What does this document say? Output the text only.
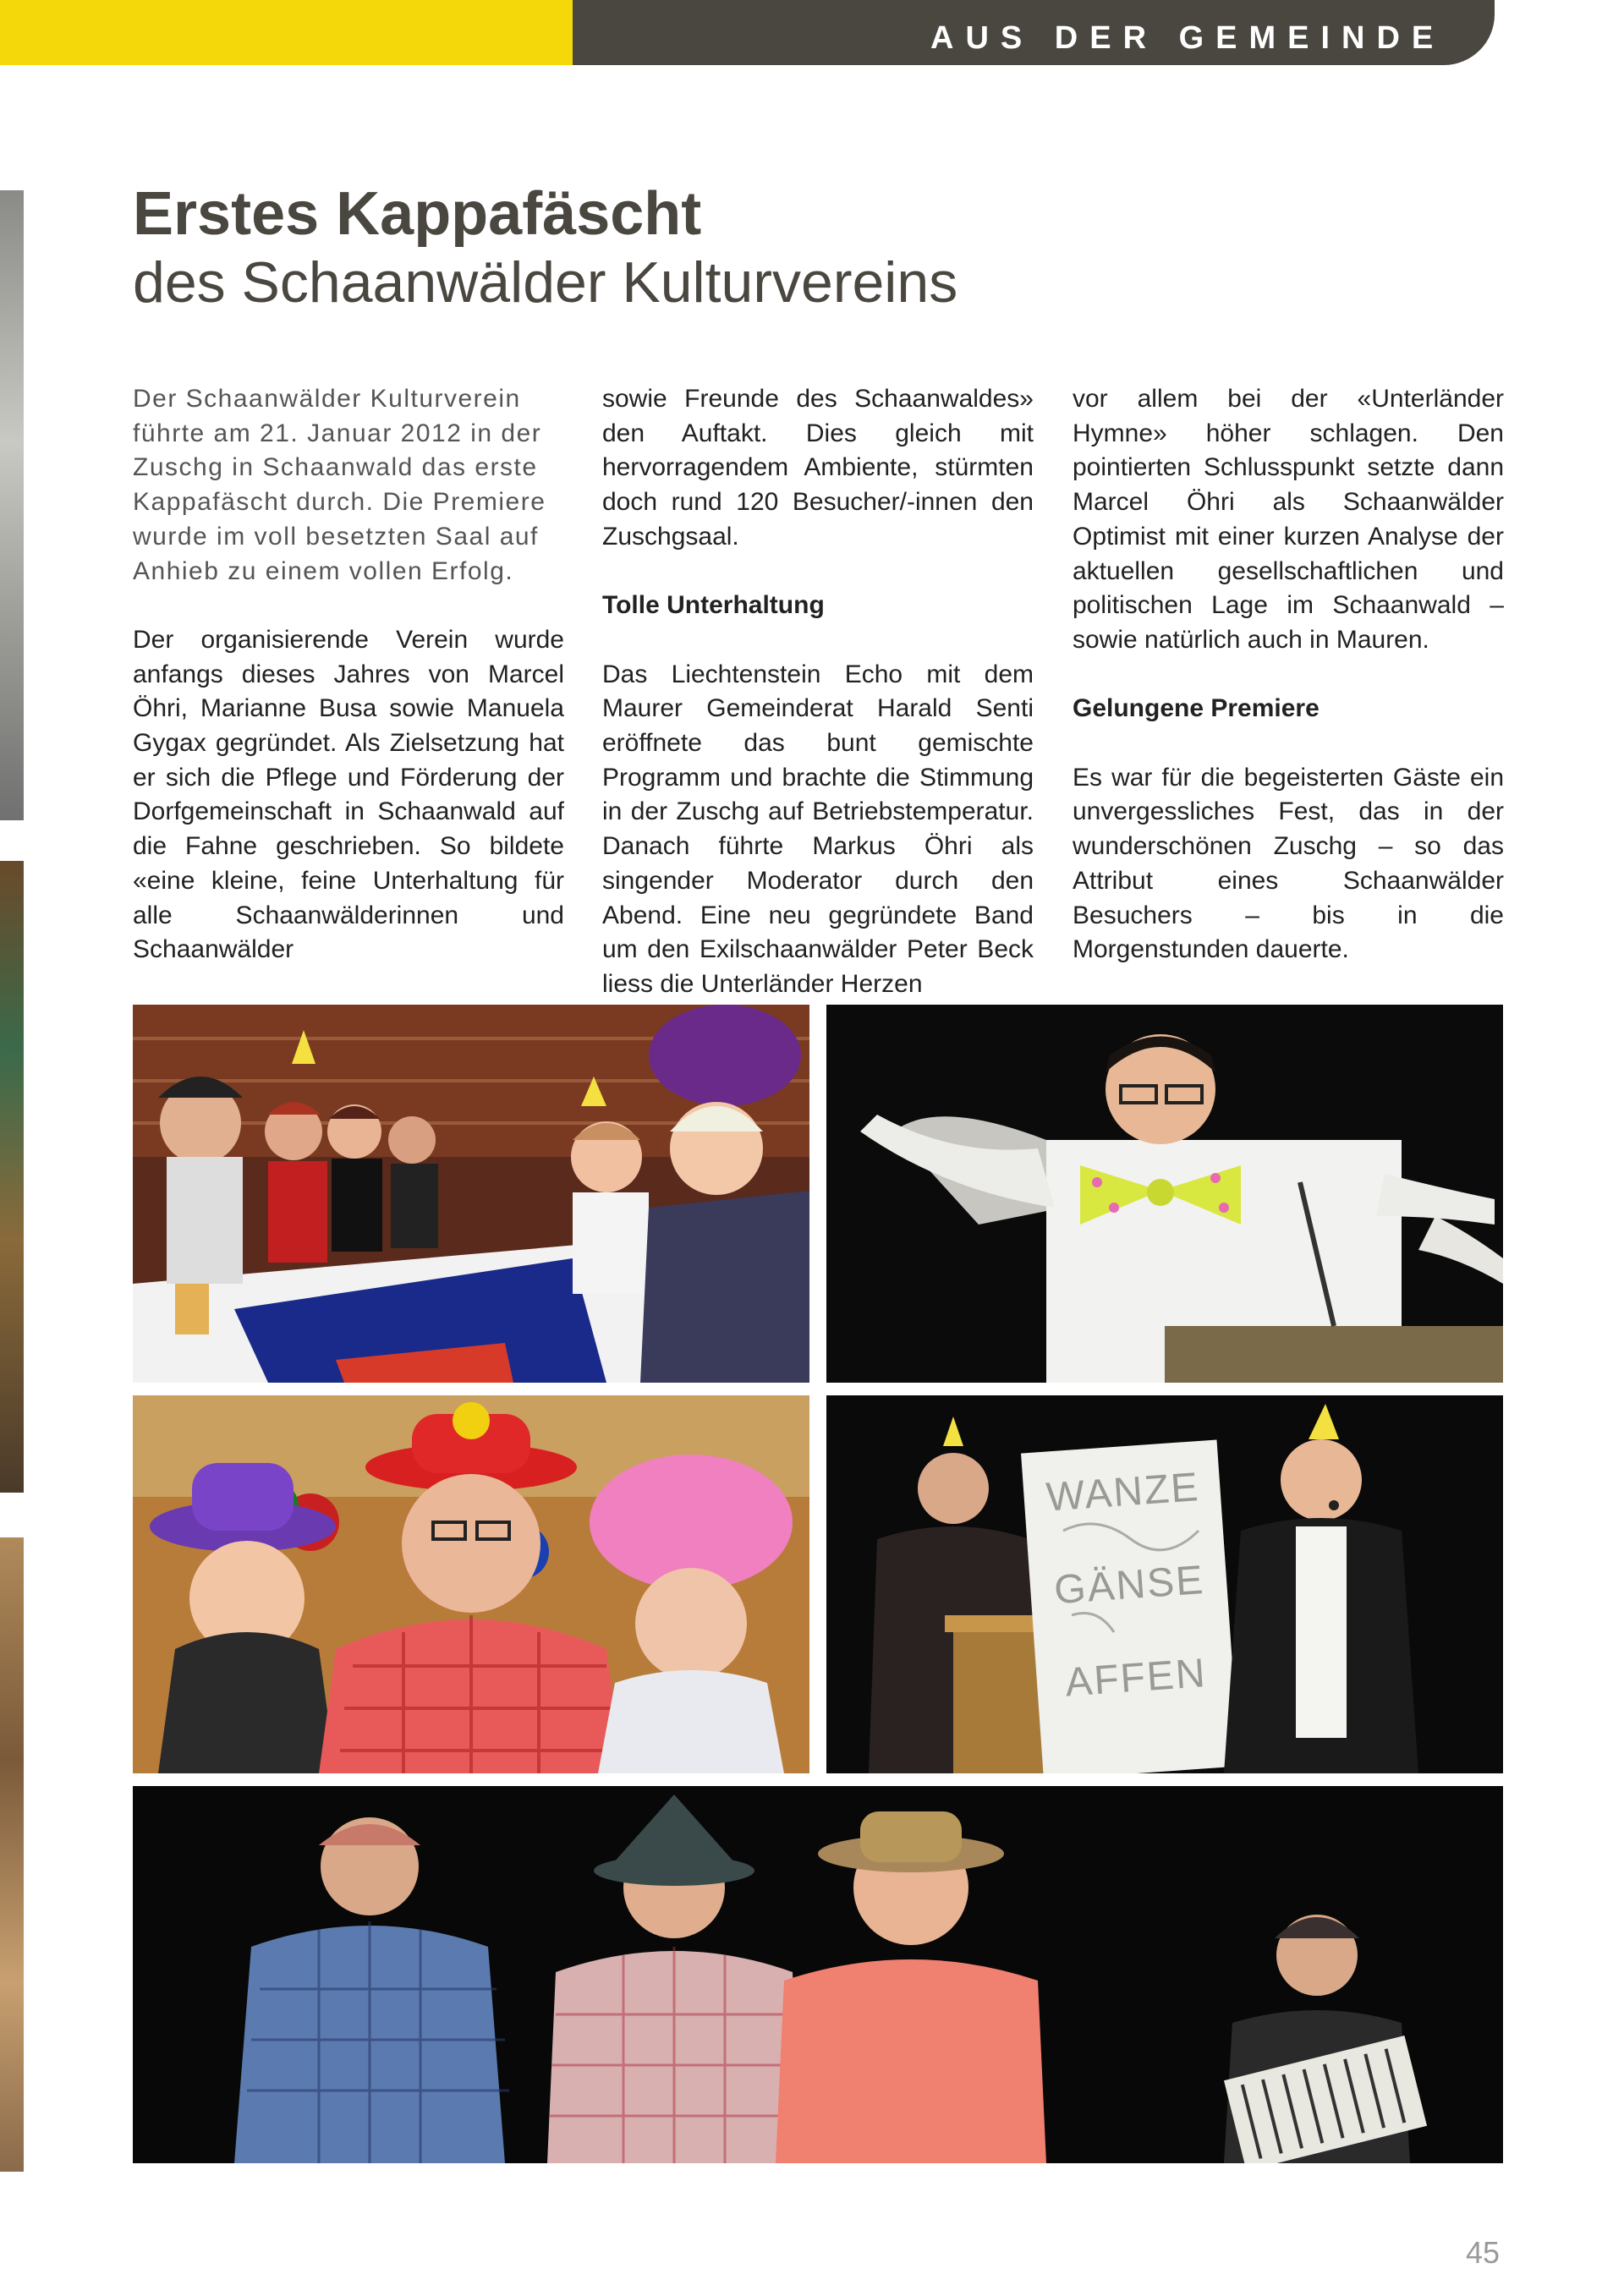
AUS DER GEMEINDE
Erstes Kappafäscht
des Schaanwälder Kulturvereins

Der Schaanwälder Kulturverein führte am 21. Januar 2012 in der Zuschg in Schaanwald das erste Kappafäscht durch. Die Premiere wurde im voll besetzten Saal auf Anhieb zu einem vollen Erfolg.

Der organisierende Verein wurde anfangs dieses Jahres von Marcel Öhri, Marianne Busa sowie Manuela Gygax gegründet. Als Zielsetzung hat er sich die Pflege und Förderung der Dorfgemeinschaft in Schaanwald auf die Fahne geschrieben. So bildete «eine kleine, feine Unterhaltung für alle Schaanwälderinnen und Schaanwälder

sowie Freunde des Schaanwaldes» den Auftakt. Dies gleich mit hervorragendem Ambiente, stürmten doch rund 120 Besucher/-innen den Zuschgsaal.

Tolle Unterhaltung

Das Liechtenstein Echo mit dem Maurer Gemeinderat Harald Senti eröffnete das bunt gemischte Programm und brachte die Stimmung in der Zuschg auf Betriebstemperatur. Danach führte Markus Öhri als singender Moderator durch den Abend. Eine neu gegründete Band um den Exilschaanwälder Peter Beck liess die Unterländer Herzen

vor allem bei der «Unterländer Hymne» höher schlagen. Den pointierten Schlusspunkt setzte dann Marcel Öhri als Schaanwälder Optimist mit einer kurzen Analyse der aktuellen gesellschaftlichen und politischen Lage im Schaanwald – sowie natürlich auch in Mauren.

Gelungene Premiere

Es war für die begeisterten Gäste ein unvergessliches Fest, das in der wunderschönen Zuschg – so das Attribut eines Schaanwälder Besuchers – bis in die Morgenstunden dauerte.

WANZE
GÄNSE
AFFEN
45
